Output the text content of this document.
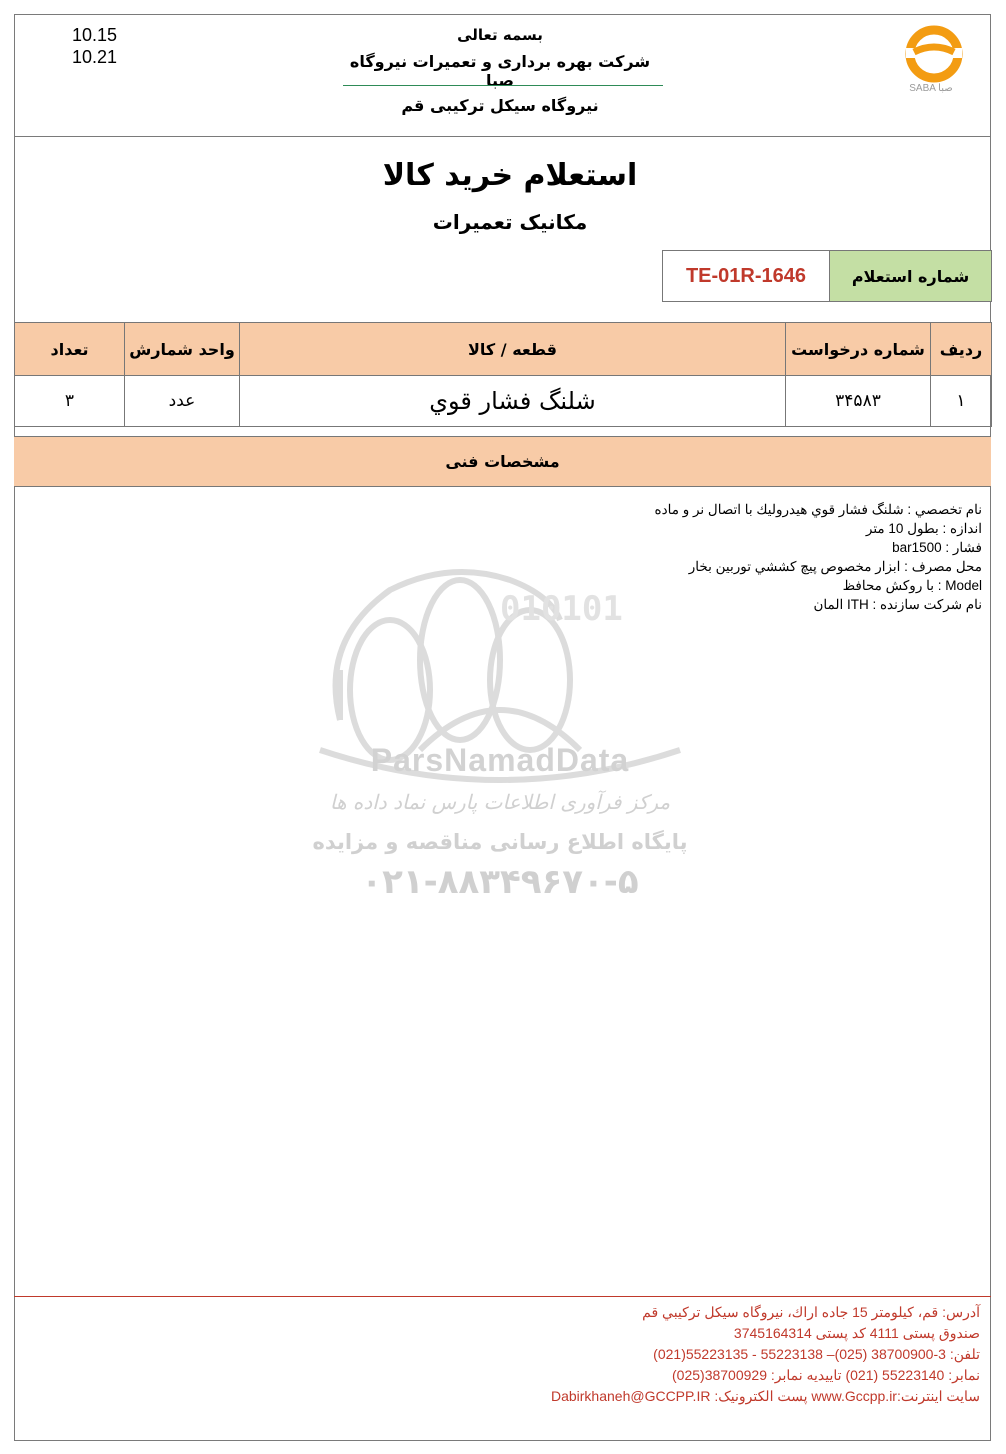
10.15
10.21
بسمه تعالی
شرکت بهره برداری و تعمیرات نیروگاه صبا
نیروگاه سیکل ترکیبی قم
SABA صبا
استعلام خرید کالا
مکانیک تعمیرات
TE-01R-1646	شماره استعلام
ردیف	شماره درخواست	قطعه / کالا	واحد شمارش	تعداد
۱	۳۴۵۸۳	شلنگ فشار قوي	عدد	۳
مشخصات فنی
010101
ParsNamadData
مرکز فرآوری اطلاعات پارس نماد داده ها
پایگاه اطلاع رسانی مناقصه و مزایده
۰۲۱-۸۸۳۴۹۶۷۰-۵
نام تخصصي : شلنگ فشار قوي هيدروليك با اتصال نر و ماده
اندازه : بطول 10 متر
فشار : bar1500
محل مصرف : ابزار مخصوص پيچ كششي توربين بخار
Model : با روكش محافظ
نام شركت سازنده : ITH المان
آدرس: قم، كيلومتر 15 جاده اراك، نيروگاه سيكل تركيبي قم
صندوق پستی 4111 کد پستی 3745164314
تلفن: 3-38700900 (025)– 55223138 - 55223135(021)
نمابر: 55223140 (021) تاییدیه نمابر: 38700929(025)
سایت اینترنت:www.Gccpp.ir پست الکترونیک: Dabirkhaneh@GCCPP.IR
